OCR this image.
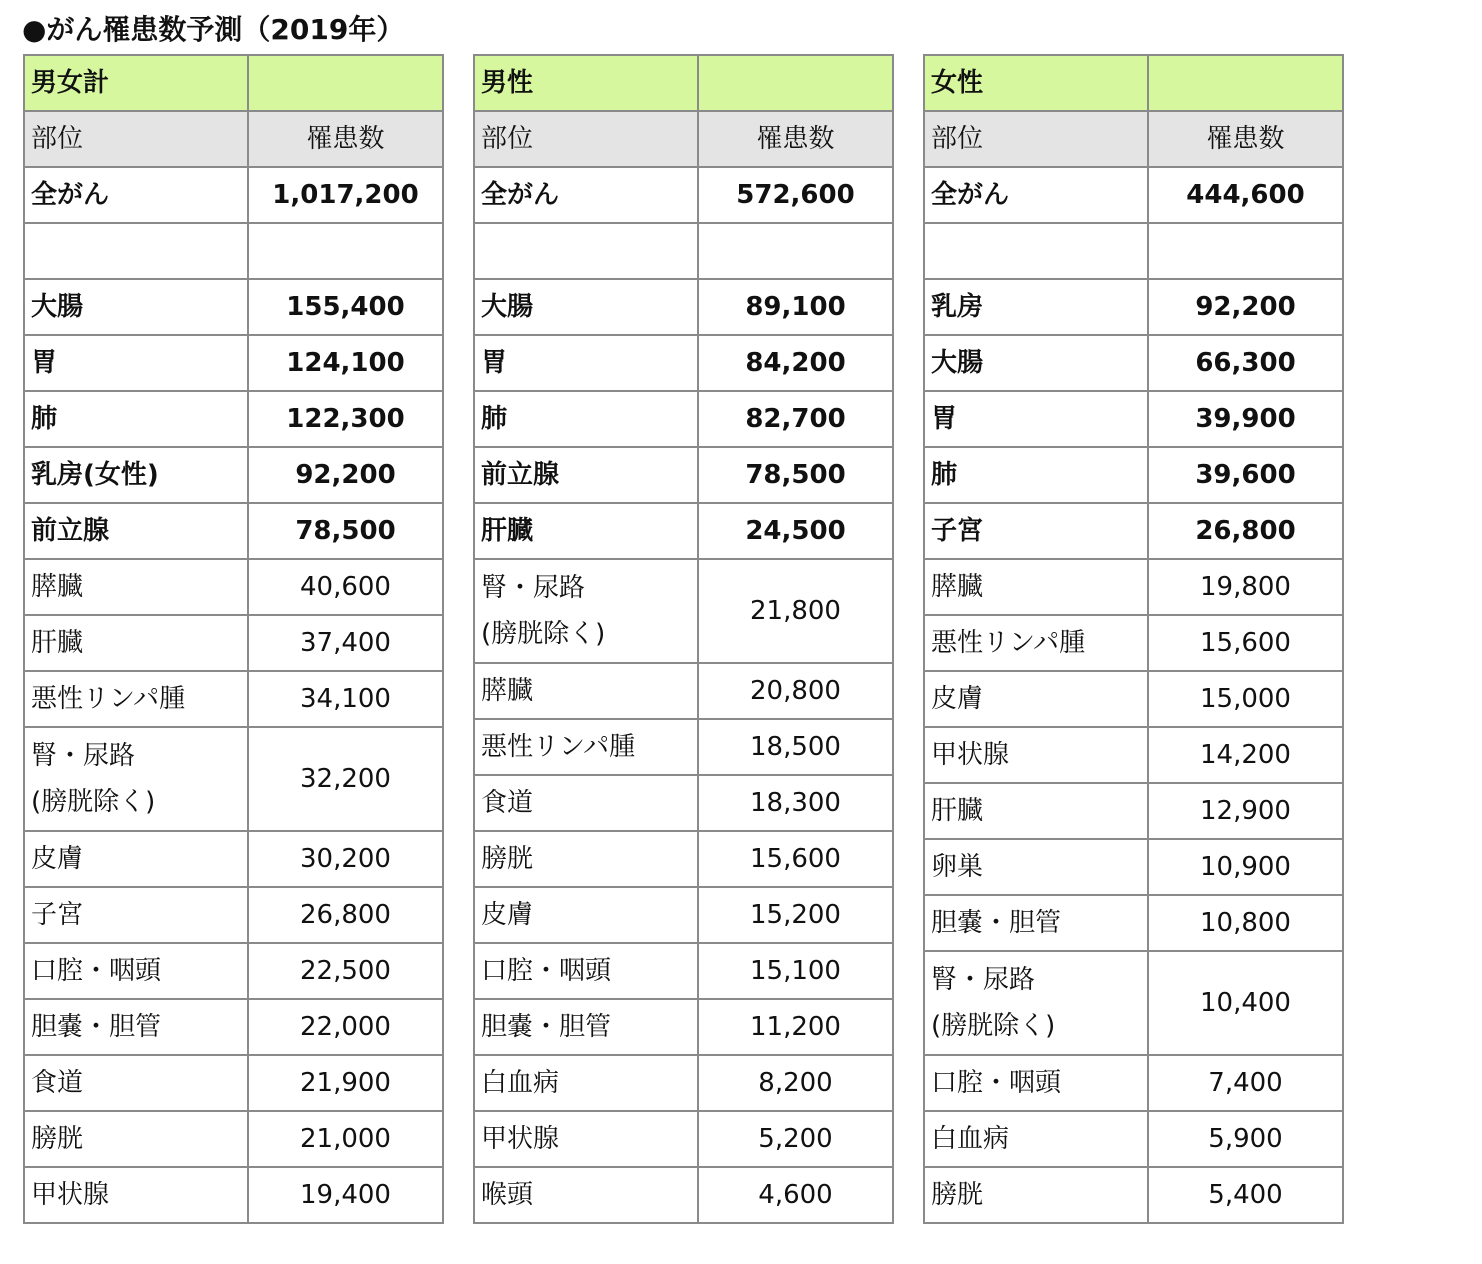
●がん罹患数予測（2019年）
男女計	
部位	罹患数
全がん	1,017,200

大腸	155,400

胃	124,100

肺	122,300

乳房(女性)	92,200

前立腺	78,500

膵臓	40,600

肝臓	37,400

悪性リンパ腫	34,100

腎・尿路
(膀胱除く)	32,200

皮膚	30,200

子宮	26,800

口腔・咽頭	22,500

胆嚢・胆管	22,000

食道	21,900

膀胱	21,000

甲状腺	19,400
男性	
部位	罹患数
全がん	572,600

大腸	89,100

胃	84,200

肺	82,700

前立腺	78,500

肝臓	24,500

腎・尿路
(膀胱除く)	21,800

膵臓	20,800

悪性リンパ腫	18,500

食道	18,300

膀胱	15,600

皮膚	15,200

口腔・咽頭	15,100

胆嚢・胆管	11,200

白血病	8,200

甲状腺	5,200

喉頭	4,600
女性	
部位	罹患数
全がん	444,600

乳房	92,200

大腸	66,300

胃	39,900

肺	39,600

子宮	26,800

膵臓	19,800

悪性リンパ腫	15,600

皮膚	15,000

甲状腺	14,200

肝臓	12,900

卵巣	10,900

胆嚢・胆管	10,800

腎・尿路
(膀胱除く)	10,400

口腔・咽頭	7,400

白血病	5,900

膀胱	5,400
